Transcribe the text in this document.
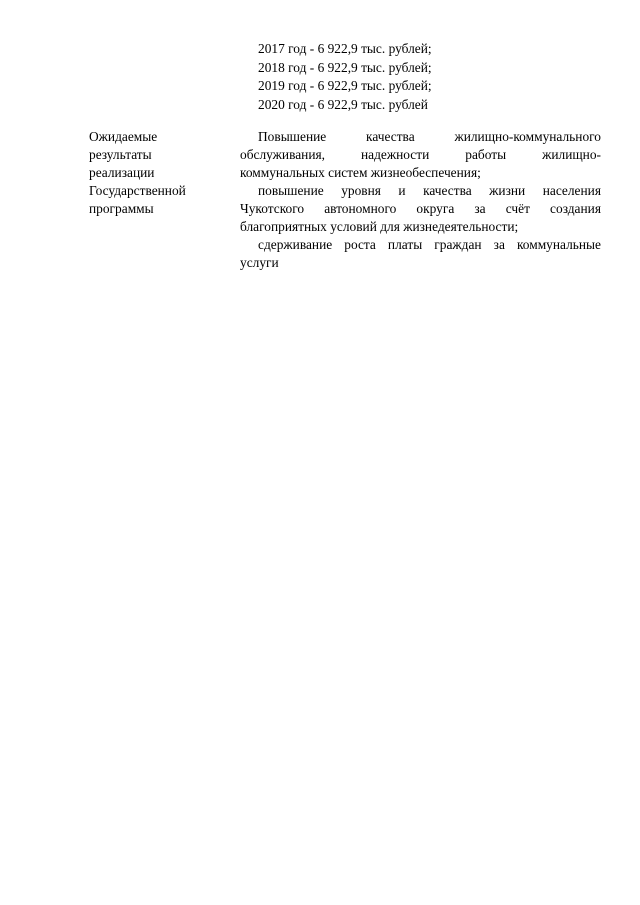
2017 год - 6 922,9 тыс. рублей;
2018 год - 6 922,9 тыс. рублей;
2019 год - 6 922,9 тыс. рублей;
2020 год - 6 922,9 тыс. рублей
Ожидаемые
результаты
реализации
Государственной
программы
Повышение качества жилищно-коммунального
обслуживания, надежности работы жилищно-
коммунальных систем жизнеобеспечения;
повышение уровня и качества жизни населения
Чукотского автономного округа за счёт создания
благоприятных условий для жизнедеятельности;
сдерживание роста платы граждан за коммунальные
услуги
